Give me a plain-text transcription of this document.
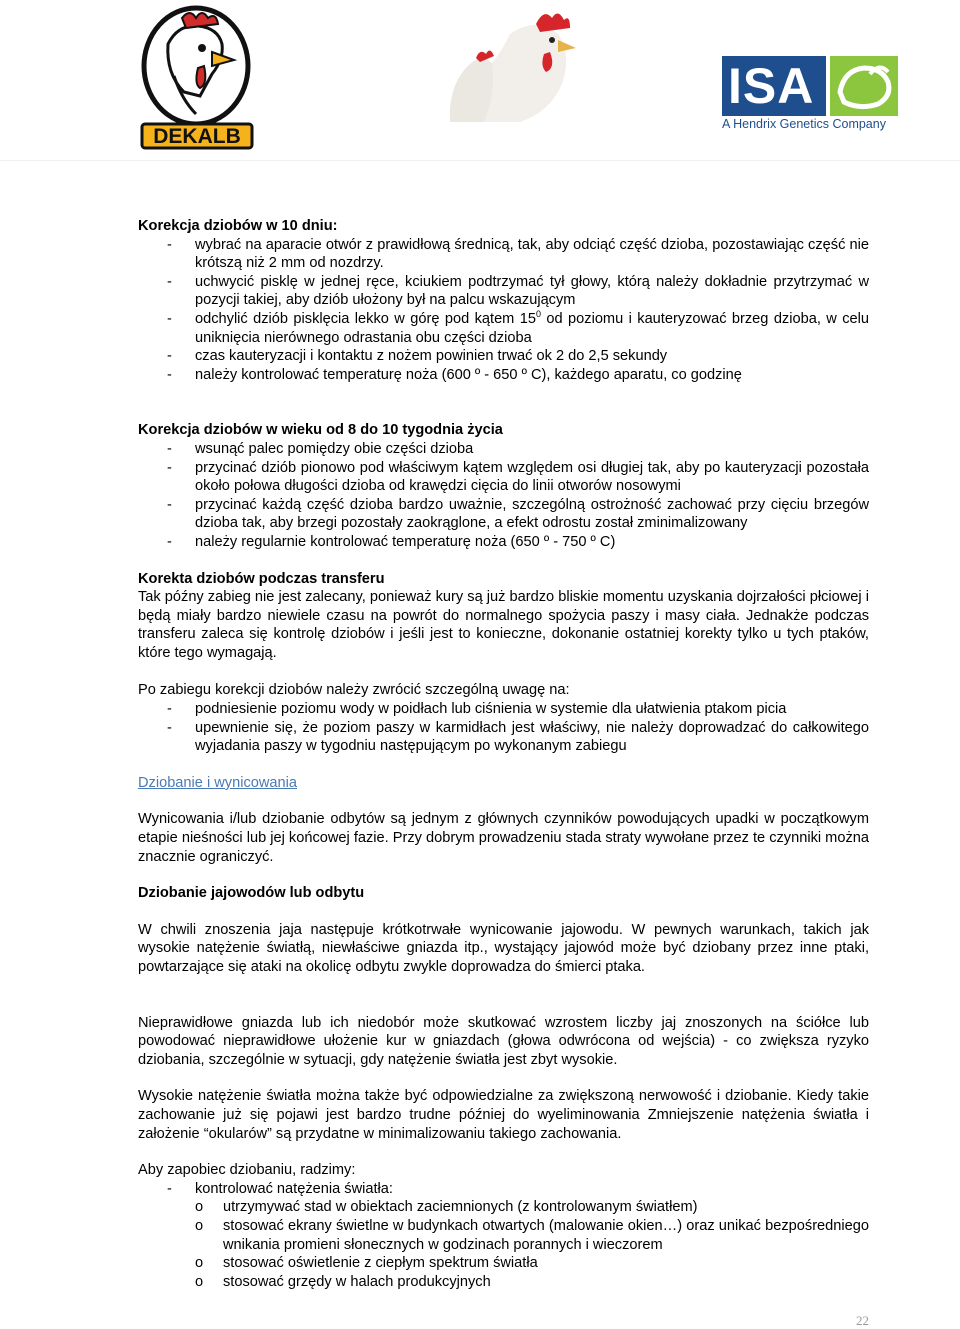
DEKALB
ISA
A Hendrix Genetics Company

Korekcja dziobów w 10 dniu:

- wybrać na aparacie otwór z prawidłową średnicą, tak, aby odciąć część dzioba, pozostawiając część nie krótszą niż 2 mm od nozdrzy.
- uchwycić pisklę w jednej ręce, kciukiem podtrzymać tył głowy, którą należy dokładnie przytrzymać w pozycji takiej, aby dziób ułożony był na palcu wskazującym
- odchylić dziób pisklęcia lekko w górę pod kątem $15^0$ od poziomu i kauteryzować brzeg dzioba, w celu uniknięcia nierównego odrastania obu części dzioba
- czas kauteryzacji i kontaktu z nożem powinien trwać ok 2 do 2,5 sekundy
- należy kontrolować temperaturę noża (600 º - 650 º C), każdego aparatu, co godzinę

Korekcja dziobów w wieku od 8 do 10 tygodnia życia

- wsunąć palec pomiędzy obie części dzioba
- przycinać dziób pionowo pod właściwym kątem względem osi długiej tak, aby po kauteryzacji pozostała około połowa długości dzioba od krawędzi cięcia do linii otworów nosowymi
- przycinać każdą część dzioba bardzo uważnie, szczególną ostrożność zachować przy cięciu brzegów dzioba tak, aby brzegi pozostały zaokrąglone, a efekt odrostu został zminimalizowany
- należy regularnie kontrolować temperaturę noża (650 º - 750 º C)

Korekta dziobów podczas transferu

Tak późny zabieg nie jest zalecany, ponieważ kury są już bardzo bliskie momentu uzyskania dojrzałości płciowej i będą miały bardzo niewiele czasu na powrót do normalnego spożycia paszy i masy ciała. Jednakże podczas transferu zaleca się kontrolę dziobów i jeśli jest to konieczne, dokonanie ostatniej korekty tylko u tych ptaków, które tego wymagają.

Po zabiegu korekcji dziobów należy zwrócić szczególną uwagę na:

- podniesienie poziomu wody w poidłach lub ciśnienia w systemie dla ułatwienia ptakom picia
- upewnienie się, że poziom paszy w karmidłach jest właściwy, nie należy doprowadzać do całkowitego wyjadania paszy w tygodniu następującym po wykonanym zabiegu

Dziobanie i wynicowania

Wynicowania i/lub dziobanie odbytów są jednym z głównych czynników powodujących upadki w początkowym etapie nieśności lub jej końcowej fazie. Przy dobrym prowadzeniu stada straty wywołane przez te czynniki można znacznie ograniczyć.

Dziobanie jajowodów lub odbytu

W chwili znoszenia jaja następuje krótkotrwałe wynicowanie jajowodu. W pewnych warunkach, takich jak wysokie natężenie światłą, niewłaściwe gniazda itp., wystający jajowód może być dziobany przez inne ptaki, powtarzające się ataki na okolicę odbytu zwykle doprowadza do śmierci ptaka.

Nieprawidłowe gniazda lub ich niedobór może skutkować wzrostem liczby jaj znoszonych na ściółce lub powodować nieprawidłowe ułożenie kur w gniazdach (głowa odwrócona od wejścia) - co zwiększa ryzyko dziobania, szczególnie w sytuacji, gdy natężenie światła jest zbyt wysokie.

Wysokie natężenie światła można także być odpowiedzialne za zwiększoną nerwowość i dziobanie. Kiedy takie zachowanie już się pojawi jest bardzo trudne później do wyeliminowania Zmniejszenie natężenia światła i założenie “okularów” są przydatne w minimalizowaniu takiego zachowania.

Aby zapobiec dziobaniu, radzimy:

- kontrolować natężenia światła:
o utrzymywać stad w obiektach zaciemnionych (z kontrolowanym światłem)
o stosować ekrany świetlne w budynkach otwartych (malowanie okien…) oraz unikać bezpośredniego wnikania promieni słonecznych w godzinach porannych i wieczorem
o stosować oświetlenie z ciepłym spektrum światła
o stosować grzędy w halach produkcyjnych
22
